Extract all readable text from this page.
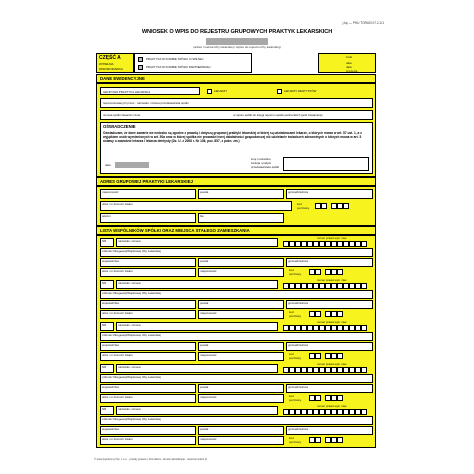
j.bę — PHU TORUŃ 07.2.1/1
WNIOSEK O WPIS DO REJESTRU GRUPOWYCH PRAKTYK LEKARSKICH
(adres i nazwa izby lekarskiej / wpisu do rejestru izby lekarskiej)
CZĘŚĆ A
WYPEŁNIA
WNIOSKODAWCA
PRAKTYKA W FORMIE SPÓŁKI CYWILNEJ
PRAKTYKA W FORMIE SPÓŁKI PARTNERSKIEJ
znak
data
data
przyjęcia
DANE EWIDENCYJNE
GRUPOWA PRAKTYKA LEKARSKA	LEKARZY	LEKARZY DENTYSTÓW
reprezentowanych przez - nazwisko i imiona przedstawiciela spółki
umowa spółki zawarta z dnia	nr wpisu spółki do księgi rejestru spółek partnerskich (jeśli zawiązana)
OŚWIADCZENIE
Oświadczam, że dane zawarte we wniosku są zgodne z prawdą i dotyczą grupowej praktyki lekarskiej w której są udziałowcami lekarze, o których mowa w art. 57 ust. 1, a z wyjątkiem osób wymienionych w art. 50a oraz w której spółka nie prowadzi innej działalności gospodarczej niż udzielanie świadczeń zdrowotnych o których mowa w art. 5 ustawy o zawodzie lekarza i lekarza dentysty (Dz. U. z 2008 r. Nr 136, poz. 857, z późn. zm.)
data
imię i nazwisko,
funkcja i podpis
przedstawiciela spółki
ADRES GRUPOWEJ PRAKTYKI LEKARSKIEJ
miejscowość	powiat	gmina/dzielnica
ulica i nr domu/nr lokalu	kod
pocztowy
telefon	fax
LISTA WSPÓLNIKÓW SPÓŁKI ORAZ MIEJSCA STAŁEGO ZAMIESZKANIA
NR	nazwisko i imiona
numer prawa wyk. zaw.
członek Okręgowej/Wojskowej Izby Lekarskiej
województwo	powiat	gmina/dzielnica
ulica i nr domu/nr lokalu	miejscowość	kod
pocztowy
NR	nazwisko i imiona
numer prawa wyk. zaw.
członek Okręgowej/Wojskowej Izby Lekarskiej
województwo	powiat	gmina/dzielnica
ulica i nr domu/nr lokalu	miejscowość	kod
pocztowy
NR	nazwisko i imiona
numer prawa wyk. zaw.
członek Okręgowej/Wojskowej Izby Lekarskiej
województwo	powiat	gmina/dzielnica
ulica i nr domu/nr lokalu	miejscowość	kod
pocztowy
NR	nazwisko i imiona
numer prawa wyk. zaw.
członek Okręgowej/Wojskowej Izby Lekarskiej
województwo	powiat	gmina/dzielnica
ulica i nr domu/nr lokalu	miejscowość	kod
pocztowy
NR	nazwisko i imiona
numer prawa wyk. zaw.
członek Okręgowej/Wojskowej Izby Lekarskiej
województwo	powiat	gmina/dzielnica
ulica i nr domu/nr lokalu	miejscowość	kod
pocztowy
© www.typeform.pl Sp. z o.o. , porady prawne | formularze, zamów aktualizacje : www.formularz.pl
